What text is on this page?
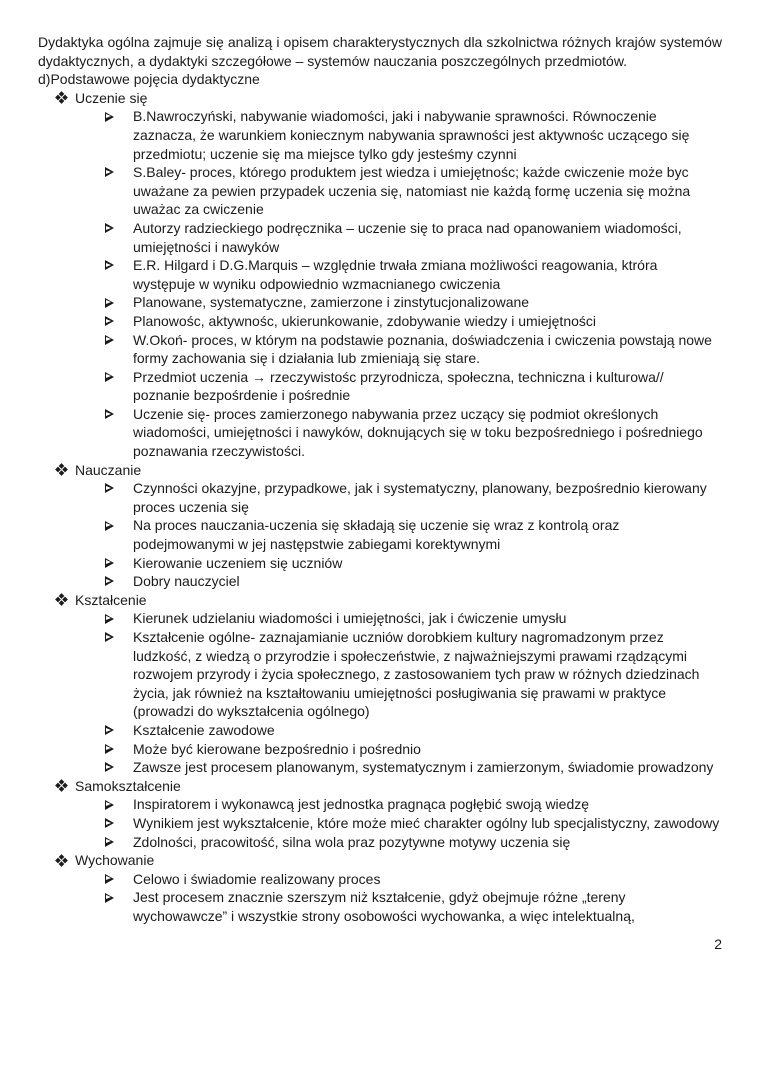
Dydaktyka ogólna zajmuje się analizą i opisem charakterystycznych dla szkolnictwa różnych krajów systemów dydaktycznych, a dydaktyki szczegółowe – systemów nauczania poszczególnych przedmiotów.

d)Podstawowe pojęcia dydaktyczne

Uczenie się
B.Nawroczyński, nabywanie wiadomości, jaki i nabywanie sprawności. Równoczenie zaznacza, że warunkiem koniecznym nabywania sprawności jest aktywnośc uczącego się przedmiotu; uczenie się ma miejsce tylko gdy jesteśmy czynni
S.Baley- proces, którego produktem jest wiedza i umiejętnośc; każde cwiczenie może byc uważane za pewien przypadek uczenia się, natomiast nie każdą formę uczenia się można uważac za cwiczenie
Autorzy radzieckiego podręcznika – uczenie się to praca nad opanowaniem wiadomości, umiejętności i nawyków
E.R. Hilgard i D.G.Marquis – względnie trwała zmiana możliwości reagowania, ktróra występuje w wyniku odpowiednio wzmacnianego cwiczenia
Planowane, systematyczne, zamierzone i zinstytucjonalizowane
Planowośc, aktywnośc, ukierunkowanie, zdobywanie wiedzy i umiejętności
W.Okoń- proces, w którym na podstawie poznania, doświadczenia i cwiczenia powstają nowe formy zachowania się i działania lub zmieniają się stare.
Przedmiot uczenia → rzeczywistośc przyrodnicza, społeczna, techniczna i kulturowa// poznanie bezpośrdenie i pośrednie
Uczenie się- proces zamierzonego nabywania przez uczący się podmiot określonych wiadomości, umiejętności i nawyków, doknujących się w toku bezpośredniego i pośredniego poznawania rzeczywistości.
Nauczanie
Czynności okazyjne, przypadkowe, jak i systematyczny, planowany, bezpośrednio kierowany proces uczenia się
Na proces nauczania-uczenia się składają się uczenie się wraz z kontrolą oraz podejmowanymi w jej następstwie zabiegami korektywnymi
Kierowanie uczeniem się uczniów
Dobry nauczyciel
Kształcenie
Kierunek udzielaniu wiadomości i umiejętności, jak i ćwiczenie umysłu
Kształcenie ogólne- zaznajamianie uczniów dorobkiem kultury nagromadzonym przez ludzkość, z wiedzą o przyrodzie i społeczeństwie, z najważniejszymi prawami rządzącymi rozwojem przyrody i życia społecznego, z zastosowaniem tych praw w różnych dziedzinach życia, jak również na kształtowaniu umiejętności posługiwania się prawami w praktyce (prowadzi do wykształcenia ogólnego)
Kształcenie zawodowe
Może być kierowane bezpośrednio i pośrednio
Zawsze jest procesem planowanym, systematycznym i zamierzonym, świadomie prowadzony
Samokształcenie
Inspiratorem i wykonawcą jest jednostka pragnąca pogłębić swoją wiedzę
Wynikiem jest wykształcenie, które może mieć charakter ogólny lub specjalistyczny, zawodowy
Zdolności, pracowitość, silna wola praz pozytywne motywy uczenia się
Wychowanie
Celowo i świadomie realizowany proces
Jest procesem znacznie szerszym niż kształcenie, gdyż obejmuje różne „tereny wychowawcze” i wszystkie strony osobowości wychowanka, a więc intelektualną,
2
